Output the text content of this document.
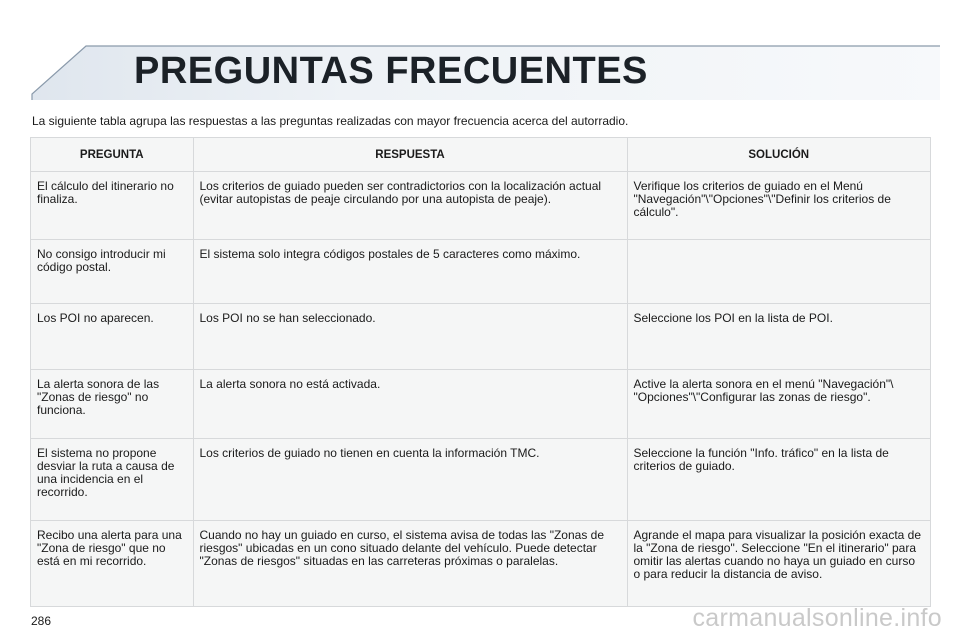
PREGUNTAS FRECUENTES
La siguiente tabla agrupa las respuestas a las preguntas realizadas con mayor frecuencia acerca del autorradio.
PREGUNTA	RESPUESTA	SOLUCIÓN
El cálculo del itinerario no finaliza.	Los criterios de guiado pueden ser contradictorios con la localización actual (evitar autopistas de peaje circulando por una autopista de peaje).	Verifique los criterios de guiado en el Menú "Navegación"\"Opciones"\"Definir los criterios de cálculo".
No consigo introducir mi código postal.	El sistema solo integra códigos postales de 5 caracteres como máximo.	
Los POI no aparecen.	Los POI no se han seleccionado.	Seleccione los POI en la lista de POI.
La alerta sonora de las "Zonas de riesgo" no funciona.	La alerta sonora no está activada.	Active la alerta sonora en el menú "Navegación"\ "Opciones"\"Configurar las zonas de riesgo".
El sistema no propone desviar la ruta a causa de una incidencia en el recorrido.	Los criterios de guiado no tienen en cuenta la información TMC.	Seleccione la función "Info. tráfico" en la lista de criterios de guiado.
Recibo una alerta para una "Zona de riesgo" que no está en mi recorrido.	Cuando no hay un guiado en curso, el sistema avisa de todas las "Zonas de riesgos" ubicadas en un cono situado delante del vehículo. Puede detectar "Zonas de riesgos" situadas en las carreteras próximas o paralelas.	Agrande el mapa para visualizar la posición exacta de la "Zona de riesgo". Seleccione "En el itinerario" para omitir las alertas cuando no haya un guiado en curso o para reducir la distancia de aviso.
286	carmanualsonline.info
